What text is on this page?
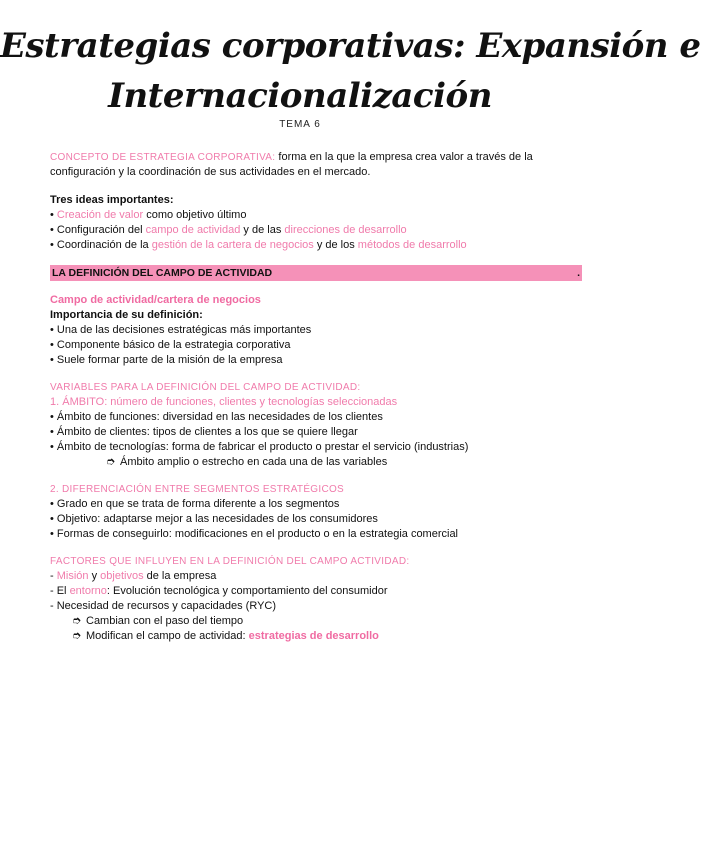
Estrategias corporativas: Expansión e
Internacionalización
TEMA 6

CONCEPTO DE ESTRATEGIA CORPORATIVA: forma en la que la empresa crea valor a través de la

configuración y la coordinación de sus actividades en el mercado.

Tres ideas importantes:

• Creación de valor como objetivo último

• Configuración del campo de actividad y de las direcciones de desarrollo

• Coordinación de la gestión de la cartera de negocios y de los métodos de desarrollo

LA DEFINICIÓN DEL CAMPO DE ACTIVIDAD	.

Campo de actividad/cartera de negocios

Importancia de su definición:

• Una de las decisiones estratégicas más importantes

• Componente básico de la estrategia corporativa

• Suele formar parte de la misión de la empresa

VARIABLES PARA LA DEFINICIÓN DEL CAMPO DE ACTIVIDAD:

1. ÁMBITO: número de funciones, clientes y tecnologías seleccionadas

• Ámbito de funciones: diversidad en las necesidades de los clientes

• Ámbito de clientes: tipos de clientes a los que se quiere llegar

• Ámbito de tecnologías: forma de fabricar el producto o prestar el servicio (industrias)

➮ Ámbito amplio o estrecho en cada una de las variables

2. DIFERENCIACIÓN ENTRE SEGMENTOS ESTRATÉGICOS

• Grado en que se trata de forma diferente a los segmentos

• Objetivo: adaptarse mejor a las necesidades de los consumidores

• Formas de conseguirlo: modificaciones en el producto o en la estrategia comercial

FACTORES QUE INFLUYEN EN LA DEFINICIÓN DEL CAMPO ACTIVIDAD:

- Misión y objetivos de la empresa

- El entorno: Evolución tecnológica y comportamiento del consumidor

- Necesidad de recursos y capacidades (RYC)

➮ Cambian con el paso del tiempo

➮ Modifican el campo de actividad: estrategias de desarrollo
